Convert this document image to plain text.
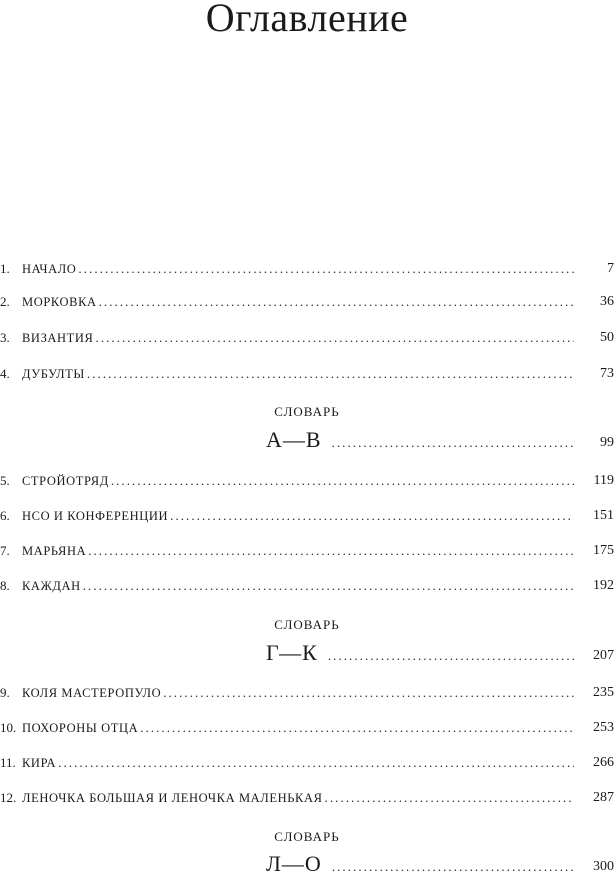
Оглавление
1. НАЧАЛО . . .	7
2. МОРКОВКА . . .	36
3. ВИЗАНТИЯ . . .	50
4. ДУБУЛТЫ . . .	73
СЛОВАРЬ
А—В . . .	99
5. СТРОЙОТРЯД . . .	119
6. НСО И КОНФЕРЕНЦИИ . . .	151
7. МАРЬЯНА . . .	175
8. КАЖДАН . . .	192
СЛОВАРЬ
Г—К . . .	207
9. КОЛЯ МАСТЕРОПУЛО . . .	235
10. ПОХОРОНЫ ОТЦА . . .	253
11. КИРА . . .	266
12. ЛЕНОЧКА БОЛЬШАЯ И ЛЕНОЧКА МАЛЕНЬКАЯ . . .	287
СЛОВАРЬ
Л—О . . .	300
